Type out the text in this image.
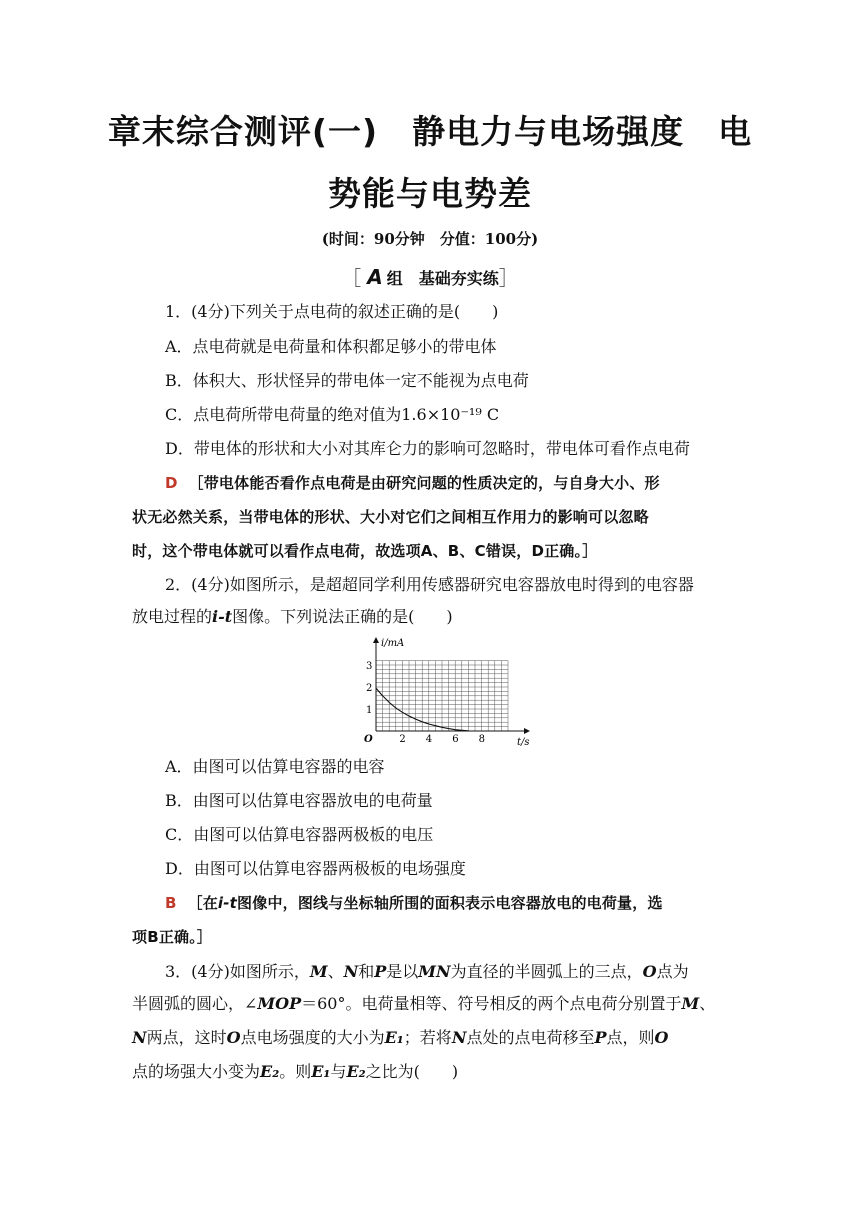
章末综合测评(一)　静电力与电场强度　电
势能与电势差
(时间：90分钟　分值：100分)
［ A 组　基础夯实练］
1．(4分)下列关于点电荷的叙述正确的是(　　)
A．点电荷就是电荷量和体积都足够小的带电体
B．体积大、形状怪异的带电体一定不能视为点电荷
C．点电荷所带电荷量的绝对值为1.6×10⁻¹⁹ C
D．带电体的形状和大小对其库仑力的影响可忽略时，带电体可看作点电荷
D ［带电体能否看作点电荷是由研究问题的性质决定的，与自身大小、形
状无必然关系，当带电体的形状、大小对它们之间相互作用力的影响可以忽略
时，这个带电体就可以看作点电荷，故选项A、B、C错误，D正确。］
2．(4分)如图所示，是超超同学利用传感器研究电容器放电时得到的电容器
放电过程的i-t图像。下列说法正确的是(　　)
i/mA
t/s
O	2 4 6 8
1
2
3
A．由图可以估算电容器的电容
B．由图可以估算电容器放电的电荷量
C．由图可以估算电容器两极板的电压
D．由图可以估算电容器两极板的电场强度
B ［在i-t图像中，图线与坐标轴所围的面积表示电容器放电的电荷量，选
项B正确。］
3．(4分)如图所示，M、N和P是以MN为直径的半圆弧上的三点，O点为
半圆弧的圆心，∠MOP＝60°。电荷量相等、符号相反的两个点电荷分别置于M、
N两点，这时O点电场强度的大小为E₁；若将N点处的点电荷移至P点，则O
点的场强大小变为E₂。则E₁与E₂之比为(　　)
